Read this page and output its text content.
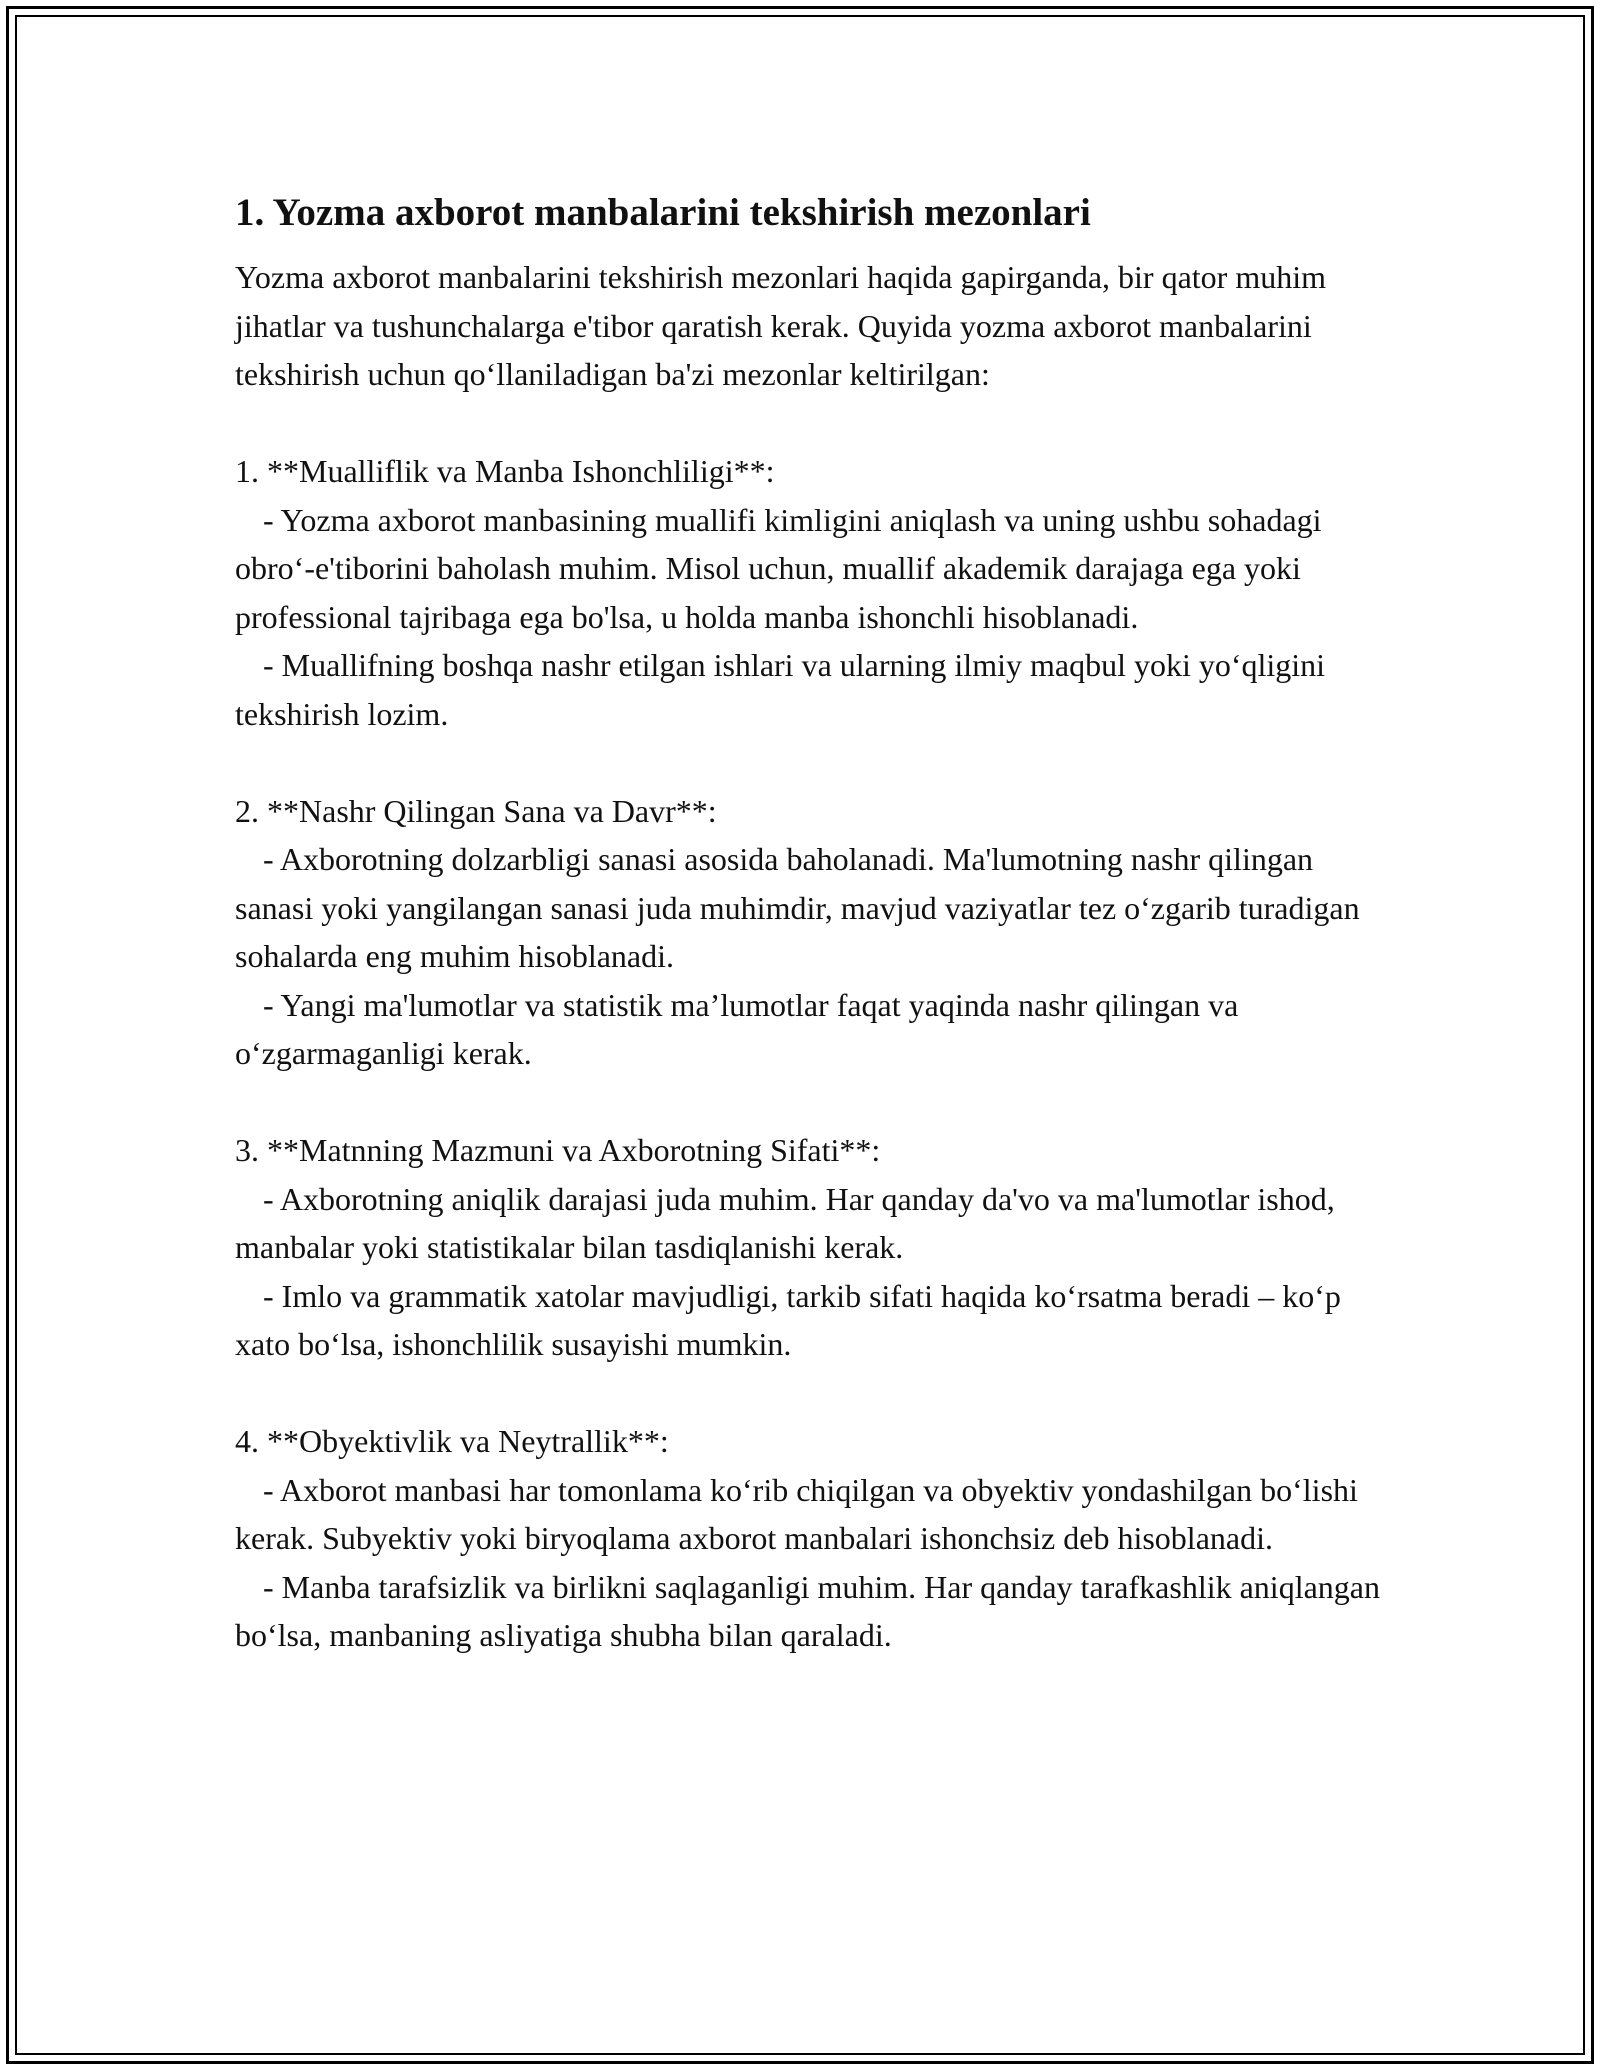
1. Yozma axborot manbalarini tekshirish mezonlari

Yozma axborot manbalarini tekshirish mezonlari haqida gapirganda, bir qator muhim jihatlar va tushunchalarga e'tibor qaratish kerak. Quyida yozma axborot manbalarini tekshirish uchun qo‘llaniladigan ba'zi mezonlar keltirilgan:

1. **Mualliflik va Manba Ishonchliligi**:

- Yozma axborot manbasining muallifi kimligini aniqlash va uning ushbu sohadagi obro‘-e'tiborini baholash muhim. Misol uchun, muallif akademik darajaga ega yoki professional tajribaga ega bo'lsa, u holda manba ishonchli hisoblanadi.

- Muallifning boshqa nashr etilgan ishlari va ularning ilmiy maqbul yoki yo‘qligini tekshirish lozim.

2. **Nashr Qilingan Sana va Davr**:

- Axborotning dolzarbligi sanasi asosida baholanadi. Ma'lumotning nashr qilingan sanasi yoki yangilangan sanasi juda muhimdir, mavjud vaziyatlar tez o‘zgarib turadigan sohalarda eng muhim hisoblanadi.

- Yangi ma'lumotlar va statistik ma’lumotlar faqat yaqinda nashr qilingan va o‘zgarmaganligi kerak.

3. **Matnning Mazmuni va Axborotning Sifati**:

- Axborotning aniqlik darajasi juda muhim. Har qanday da'vo va ma'lumotlar ishod, manbalar yoki statistikalar bilan tasdiqlanishi kerak.

- Imlo va grammatik xatolar mavjudligi, tarkib sifati haqida ko‘rsatma beradi – ko‘p xato bo‘lsa, ishonchlilik susayishi mumkin.

4. **Obyektivlik va Neytrallik**:

- Axborot manbasi har tomonlama ko‘rib chiqilgan va obyektiv yondashilgan bo‘lishi kerak. Subyektiv yoki biryoqlama axborot manbalari ishonchsiz deb hisoblanadi.

- Manba tarafsizlik va birlikni saqlaganligi muhim. Har qanday tarafkashlik aniqlangan bo‘lsa, manbaning asliyatiga shubha bilan qaraladi.
